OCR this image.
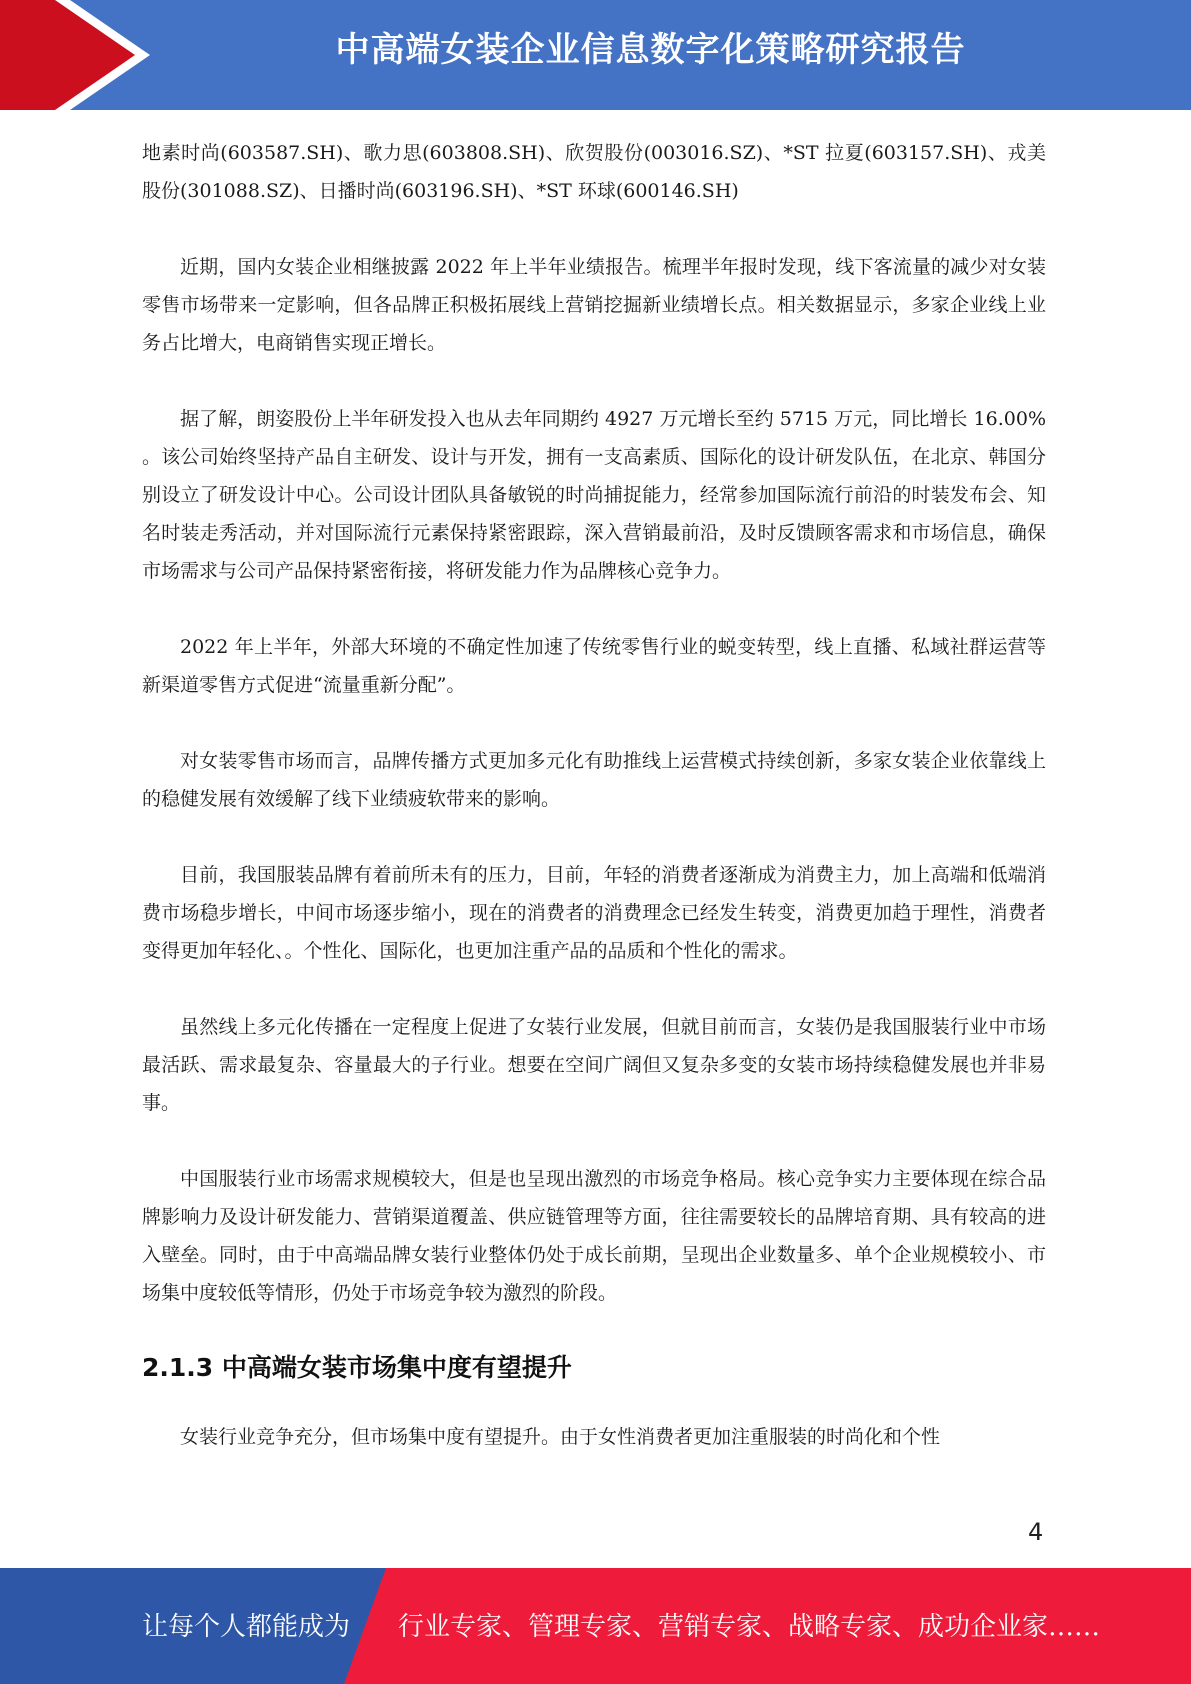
中高端女装企业信息数字化策略研究报告

地素时尚(603587.SH)、歌力思(603808.SH)、欣贺股份(003016.SZ)、*ST 拉夏(603157.SH)、戎美股份(301088.SZ)、日播时尚(603196.SH)、*ST 环球(600146.SH)

近期，国内女装企业相继披露 2022 年上半年业绩报告。梳理半年报时发现，线下客流量的减少对女装零售市场带来一定影响，但各品牌正积极拓展线上营销挖掘新业绩增长点。相关数据显示，多家企业线上业务占比增大，电商销售实现正增长。

据了解，朗姿股份上半年研发投入也从去年同期约 4927 万元增长至约 5715 万元，同比增长 16.00% 。该公司始终坚持产品自主研发、设计与开发，拥有一支高素质、国际化的设计研发队伍，在北京、韩国分别设立了研发设计中心。公司设计团队具备敏锐的时尚捕捉能力，经常参加国际流行前沿的时装发布会、知名时装走秀活动，并对国际流行元素保持紧密跟踪，深入营销最前沿，及时反馈顾客需求和市场信息，确保市场需求与公司产品保持紧密衔接，将研发能力作为品牌核心竞争力。

2022 年上半年，外部大环境的不确定性加速了传统零售行业的蜕变转型，线上直播、私域社群运营等新渠道零售方式促进“流量重新分配”。

对女装零售市场而言，品牌传播方式更加多元化有助推线上运营模式持续创新，多家女装企业依靠线上的稳健发展有效缓解了线下业绩疲软带来的影响。

目前，我国服装品牌有着前所未有的压力，目前，年轻的消费者逐渐成为消费主力，加上高端和低端消费市场稳步增长，中间市场逐步缩小，现在的消费者的消费理念已经发生转变，消费更加趋于理性，消费者变得更加年轻化、。个性化、国际化，也更加注重产品的品质和个性化的需求。

虽然线上多元化传播在一定程度上促进了女装行业发展，但就目前而言，女装仍是我国服装行业中市场最活跃、需求最复杂、容量最大的子行业。想要在空间广阔但又复杂多变的女装市场持续稳健发展也并非易事。

中国服装行业市场需求规模较大，但是也呈现出激烈的市场竞争格局。核心竞争实力主要体现在综合品牌影响力及设计研发能力、营销渠道覆盖、供应链管理等方面，往往需要较长的品牌培育期、具有较高的进入壁垒。同时，由于中高端品牌女装行业整体仍处于成长前期，呈现出企业数量多、单个企业规模较小、市场集中度较低等情形，仍处于市场竞争较为激烈的阶段。

2.1.3 中高端女装市场集中度有望提升

女装行业竞争充分，但市场集中度有望提升。由于女性消费者更加注重服装的时尚化和个性

4
让每个人都能成为 行业专家、管理专家、营销专家、战略专家、成功企业家……
